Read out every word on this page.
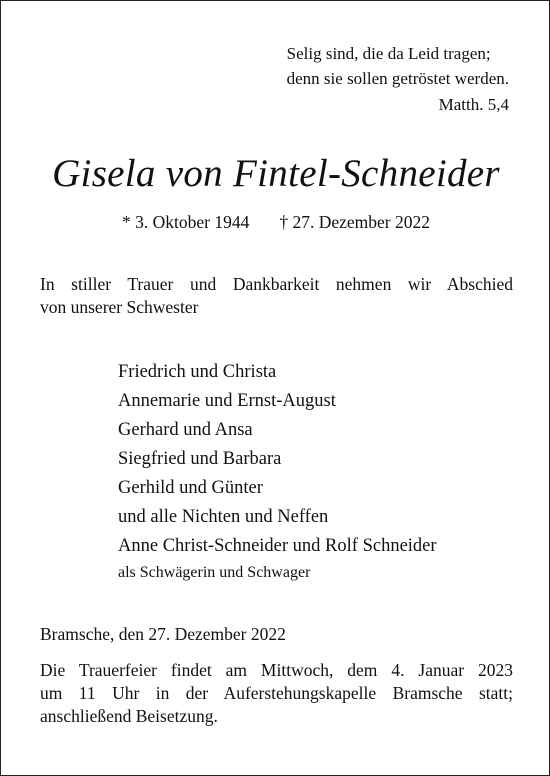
Selig sind, die da Leid tragen;
denn sie sollen getröstet werden.
Matth. 5,4
Gisela von Fintel-Schneider
* 3. Oktober 1944 † 27. Dezember 2022
In stiller Trauer und Dankbarkeit nehmen wir Abschied
von unserer Schwester
Friedrich und Christa
Annemarie und Ernst-August
Gerhard und Ansa
Siegfried und Barbara
Gerhild und Günter
und alle Nichten und Neffen
Anne Christ-Schneider und Rolf Schneider
als Schwägerin und Schwager
Bramsche, den 27. Dezember 2022
Die Trauerfeier findet am Mittwoch, dem 4. Januar 2023
um 11 Uhr in der Auferstehungskapelle Bramsche statt;
anschließend Beisetzung.
